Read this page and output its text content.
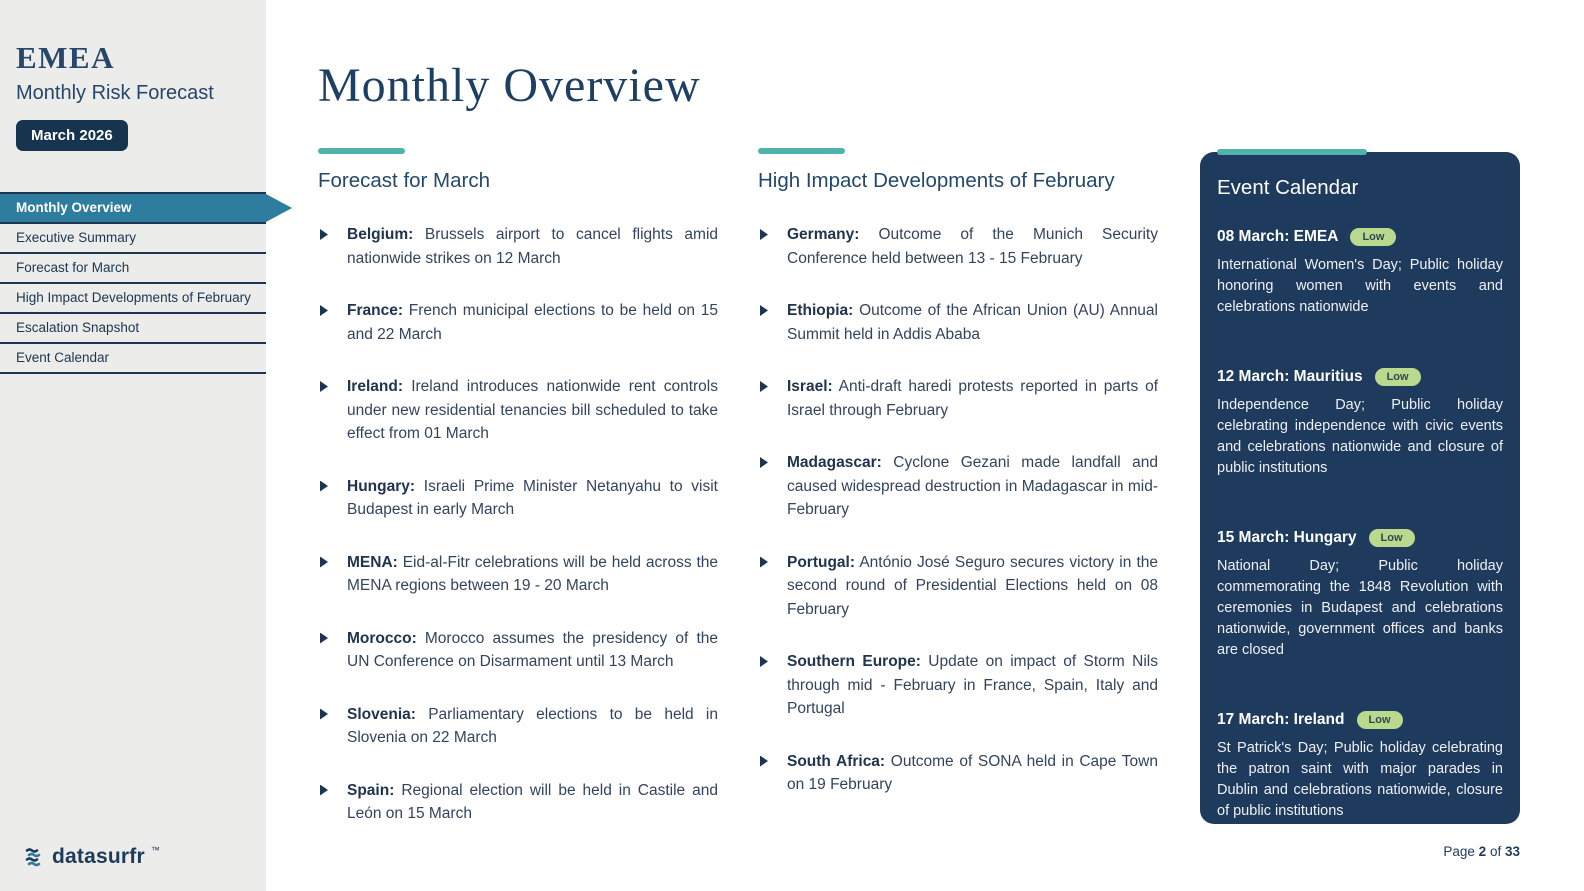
EMEA
Monthly Risk Forecast
March 2026
Monthly Overview
Executive Summary
Forecast for March
High Impact Developments of February
Escalation Snapshot
Event Calendar
datasurfr ™
Monthly Overview
Forecast for March

Belgium: Brussels airport to cancel flights amid nationwide strikes on 12 March

France: French municipal elections to be held on 15 and 22 March

Ireland: Ireland introduces nationwide rent controls under new residential tenancies bill scheduled to take effect from 01 March

Hungary: Israeli Prime Minister Netanyahu to visit Budapest in early March

MENA: Eid-al-Fitr celebrations will be held across the MENA regions between 19 - 20 March

Morocco: Morocco assumes the presidency of the UN Conference on Disarmament until 13 March

Slovenia: Parliamentary elections to be held in Slovenia on 22 March

Spain: Regional election will be held in Castile and León on 15 March

High Impact Developments of February

Germany: Outcome of the Munich Security Conference held between 13 - 15 February

Ethiopia: Outcome of the African Union (AU) Annual Summit held in Addis Ababa

Israel: Anti-draft haredi protests reported in parts of Israel through February

Madagascar: Cyclone Gezani made landfall and caused widespread destruction in Madagascar in mid-February

Portugal: António José Seguro secures victory in the second round of Presidential Elections held on 08 February

Southern Europe: Update on impact of Storm Nils through mid - February in France, Spain, Italy and Portugal

South Africa: Outcome of SONA held in Cape Town on 19 February

Event Calendar
08 March: EMEA	Low

International Women's Day; Public holiday honoring women with events and celebrations nationwide

12 March: Mauritius	Low

Independence Day; Public holiday celebrating independence with civic events and celebrations nationwide and closure of public institutions

15 March: Hungary	Low

National Day; Public holiday commemorating the 1848 Revolution with ceremonies in Budapest and celebrations nationwide, government offices and banks are closed

17 March: Ireland	Low

St Patrick's Day; Public holiday celebrating the patron saint with major parades in Dublin and celebrations nationwide, closure of public institutions

Page 2 of 33
